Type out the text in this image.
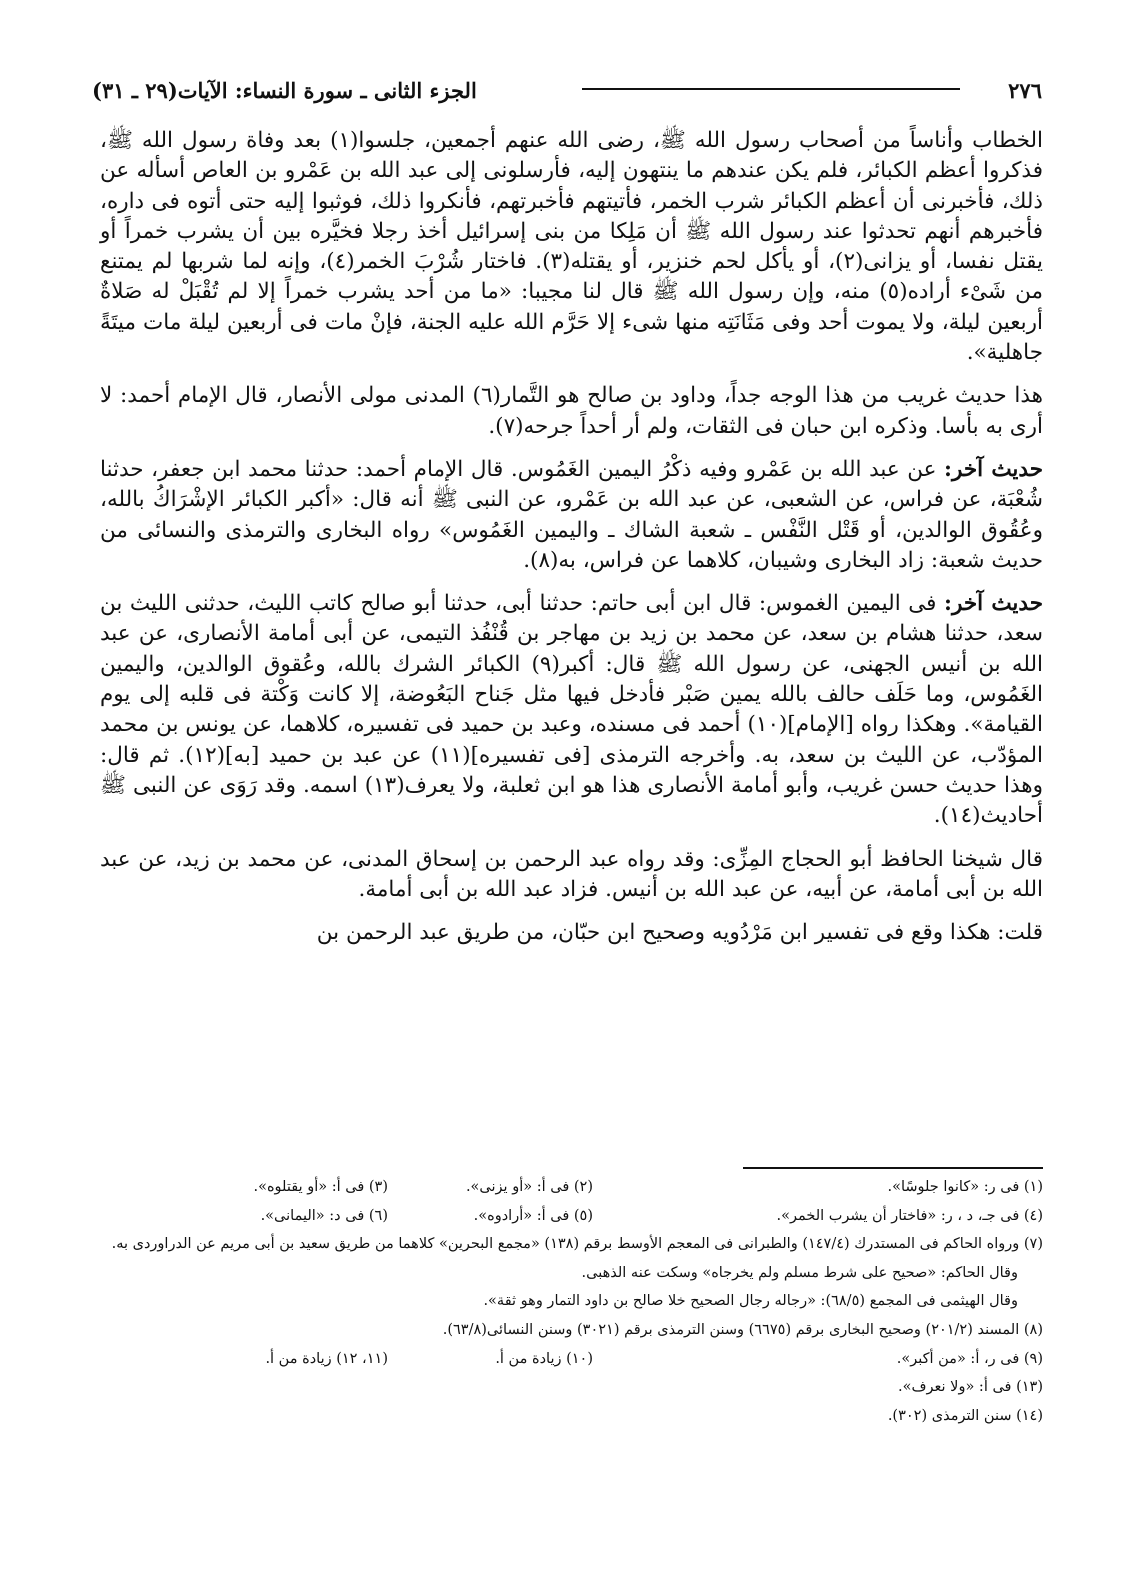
٢٧٦
الجزء الثانى ـ سورة النساء: الآيات(٢٩ ـ ٣١)

الخطاب وأناساً من أصحاب رسول الله ﷺ، رضى الله عنهم أجمعين، جلسوا(١) بعد وفاة رسول الله ﷺ، فذكروا أعظم الكبائر، فلم يكن عندهم ما ينتهون إليه، فأرسلونى إلى عبد الله بن عَمْرو بن العاص أسأله عن ذلك، فأخبرنى أن أعظم الكبائر شرب الخمر، فأتيتهم فأخبرتهم، فأنكروا ذلك، فوثبوا إليه حتى أتوه فى داره، فأخبرهم أنهم تحدثوا عند رسول الله ﷺ أن مَلِكا من بنى إسرائيل أخذ رجلا فخيَّره بين أن يشرب خمراً أو يقتل نفسا، أو يزانى(٢)، أو يأكل لحم خنزير، أو يقتله(٣). فاختار شُرْبَ الخمر(٤)، وإنه لما شربها لم يمتنع من شَىْء أراده(٥) منه، وإن رسول الله ﷺ قال لنا مجيبا: «ما من أحد يشرب خمراً إلا لم تُقْبَلْ له صَلاةٌ أربعين ليلة، ولا يموت أحد وفى مَثَانَتِه منها شىء إلا حَرَّم الله عليه الجنة، فإنْ مات فى أربعين ليلة مات ميتَةً جاهلية».

هذا حديث غريب من هذا الوجه جداً، وداود بن صالح هو التَّمار(٦) المدنى مولى الأنصار، قال الإمام أحمد: لا أرى به بأسا. وذكره ابن حبان فى الثقات، ولم أر أحداً جرحه(٧).

حديث آخر: عن عبد الله بن عَمْرو وفيه ذكْرُ اليمين الغَمُوس. قال الإمام أحمد: حدثنا محمد ابن جعفر، حدثنا شُعْبَة، عن فراس، عن الشعبى، عن عبد الله بن عَمْرو، عن النبى ﷺ أنه قال: «أكبر الكبائر الإشْرَاكُ بالله، وعُقُوق الوالدين، أو قَتْل النَّفْس ـ شعبة الشاك ـ واليمين الغَمُوس» رواه البخارى والترمذى والنسائى من حديث شعبة: زاد البخارى وشيبان، كلاهما عن فراس، به(٨).

حديث آخر: فى اليمين الغموس: قال ابن أبى حاتم: حدثنا أبى، حدثنا أبو صالح كاتب الليث، حدثنى الليث بن سعد، حدثنا هشام بن سعد، عن محمد بن زيد بن مهاجر بن قُنْفُذ التيمى، عن أبى أمامة الأنصارى، عن عبد الله بن أنيس الجهنى، عن رسول الله ﷺ قال: أكبر(٩) الكبائر الشرك بالله، وعُقوق الوالدين، واليمين الغَمُوس، وما حَلَف حالف بالله يمين صَبْر فأدخل فيها مثل جَناح البَعُوضة، إلا كانت وَكْتة فى قلبه إلى يوم القيامة». وهكذا رواه [الإمام](١٠) أحمد فى مسنده، وعبد بن حميد فى تفسيره، كلاهما، عن يونس بن محمد المؤدّب، عن الليث بن سعد، به. وأخرجه الترمذى [فى تفسيره](١١) عن عبد بن حميد [به](١٢). ثم قال: وهذا حديث حسن غريب، وأبو أمامة الأنصارى هذا هو ابن ثعلبة، ولا يعرف(١٣) اسمه. وقد رَوَى عن النبى ﷺ أحاديث(١٤).

قال شيخنا الحافظ أبو الحجاج المِزِّى: وقد رواه عبد الرحمن بن إسحاق المدنى، عن محمد بن زيد، عن عبد الله بن أبى أمامة، عن أبيه، عن عبد الله بن أنيس. فزاد عبد الله بن أبى أمامة.

قلت: هكذا وقع فى تفسير ابن مَرْدُويه وصحيح ابن حبّان، من طريق عبد الرحمن بن

(١) فى ر: «كانوا جلوسًا».
(٢) فى أ: «أو يزنى».
(٣) فى أ: «أو يقتلوه».
(٤) فى جـ، د ، ر: «فاختار أن يشرب الخمر».
(٥) فى أ: «أرادوه».
(٦) فى د: «اليمانى».
(٧) ورواه الحاكم فى المستدرك (١٤٧/٤) والطبرانى فى المعجم الأوسط برقم (١٣٨) «مجمع البحرين» كلاهما من طريق سعيد بن أبى مريم عن الدراوردى به.
وقال الحاكم: «صحيح على شرط مسلم ولم يخرجاه» وسكت عنه الذهبى.
وقال الهيثمى فى المجمع (٦٨/٥): «رجاله رجال الصحيح خلا صالح بن داود التمار وهو ثقة».
(٨) المسند (٢٠١/٢) وصحيح البخارى برقم (٦٦٧٥) وسنن الترمذى برقم (٣٠٢١) وسنن النسائى(٦٣/٨).
(٩) فى ر، أ: «من أكبر».
(١٠) زيادة من أ.
(١١، ١٢) زيادة من أ.
(١٣) فى أ: «ولا نعرف».
(١٤) سنن الترمذى (٣٠٢).
